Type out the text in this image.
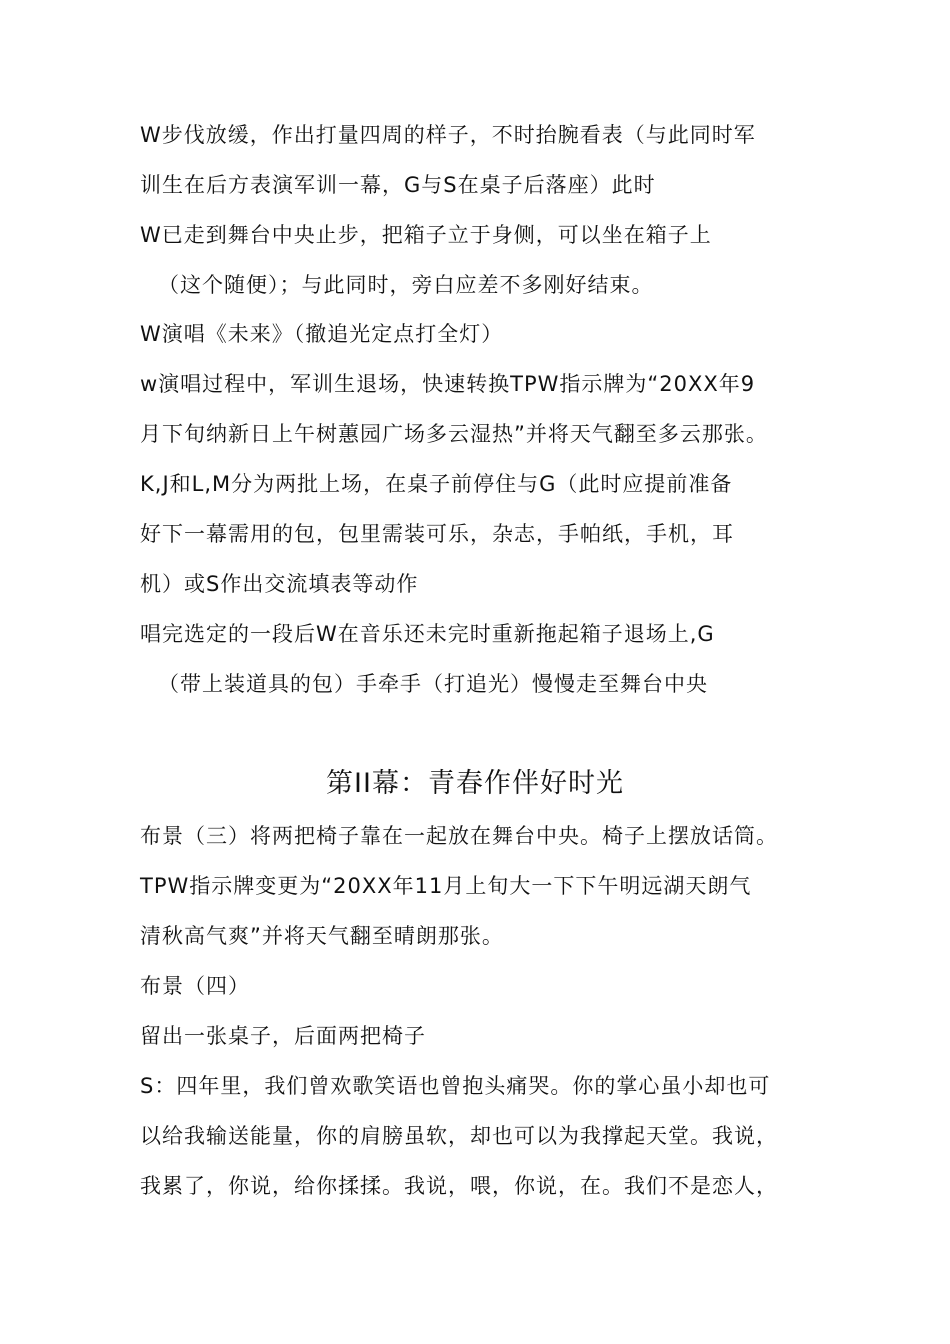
W步伐放缓，作出打量四周的样子，不时抬腕看表（与此同时军
训生在后方表演军训一幕，G与S在桌子后落座）此时
W已走到舞台中央止步，把箱子立于身侧，可以坐在箱子上
（这个随便）；与此同时，旁白应差不多刚好结束。
W演唱《未来》（撤追光定点打全灯）
w演唱过程中，军训生退场，快速转换TPW指示牌为“20XX年9
月下旬纳新日上午树蕙园广场多云湿热”并将天气翻至多云那张。
K,J和L,M分为两批上场，在桌子前停住与G（此时应提前准备
好下一幕需用的包，包里需装可乐，杂志，手帕纸，手机，耳
机）或S作出交流填表等动作
唱完选定的一段后W在音乐还未完时重新拖起箱子退场上,G
（带上装道具的包）手牵手（打追光）慢慢走至舞台中央
第II幕：青春作伴好时光
布景（三）将两把椅子靠在一起放在舞台中央。椅子上摆放话筒。
TPW指示牌变更为“20XX年11月上旬大一下下午明远湖天朗气
清秋高气爽”并将天气翻至晴朗那张。
布景（四）
留出一张桌子，后面两把椅子
S：四年里，我们曾欢歌笑语也曾抱头痛哭。你的掌心虽小却也可
以给我输送能量，你的肩膀虽软，却也可以为我撑起天堂。我说，
我累了，你说，给你揉揉。我说，喂，你说，在。我们不是恋人，
